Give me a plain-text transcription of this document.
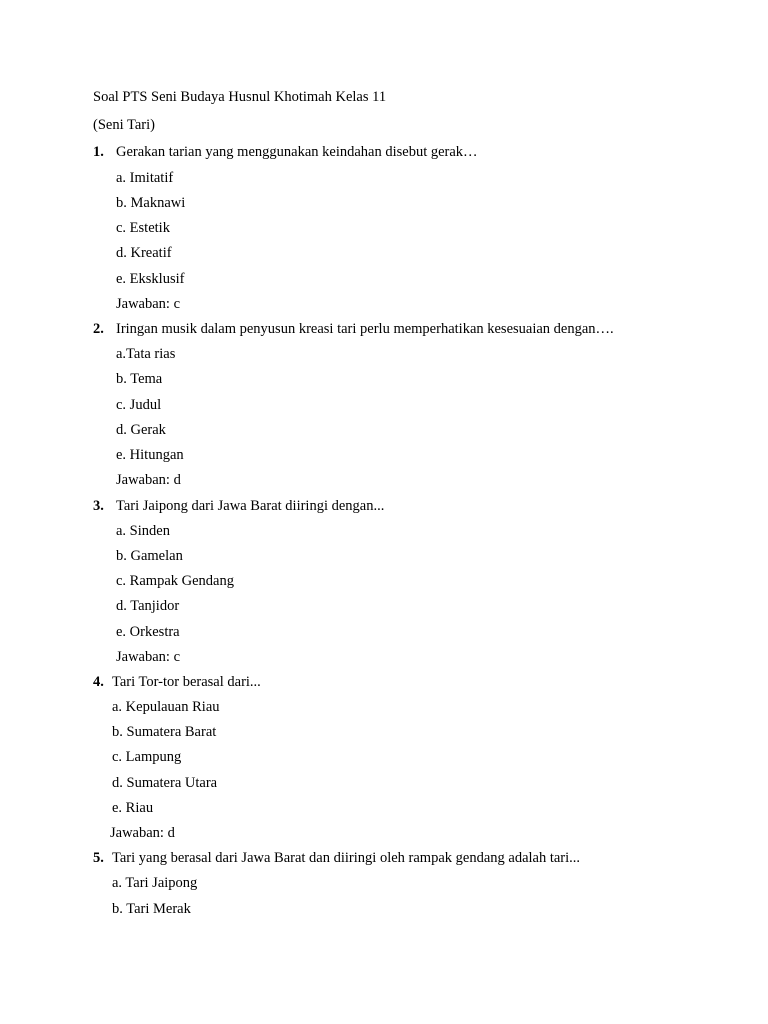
Soal PTS Seni Budaya Husnul Khotimah Kelas 11
(Seni Tari)
1. Gerakan tarian yang menggunakan keindahan disebut gerak…
a. Imitatif
b. Maknawi
c. Estetik
d. Kreatif
e. Eksklusif
Jawaban: c
2. Iringan musik dalam penyusun kreasi tari perlu memperhatikan kesesuaian dengan….
a.Tata rias
b. Tema
c. Judul
d. Gerak
e. Hitungan
Jawaban: d
3. Tari Jaipong dari Jawa Barat diiringi dengan...
a. Sinden
b. Gamelan
c. Rampak Gendang
d. Tanjidor
e. Orkestra
Jawaban: c
4. Tari Tor-tor berasal dari...
a. Kepulauan Riau
b. Sumatera Barat
c. Lampung
d. Sumatera Utara
e. Riau
Jawaban: d
5. Tari yang berasal dari Jawa Barat dan diiringi oleh rampak gendang adalah tari...
a. Tari Jaipong
b. Tari Merak
